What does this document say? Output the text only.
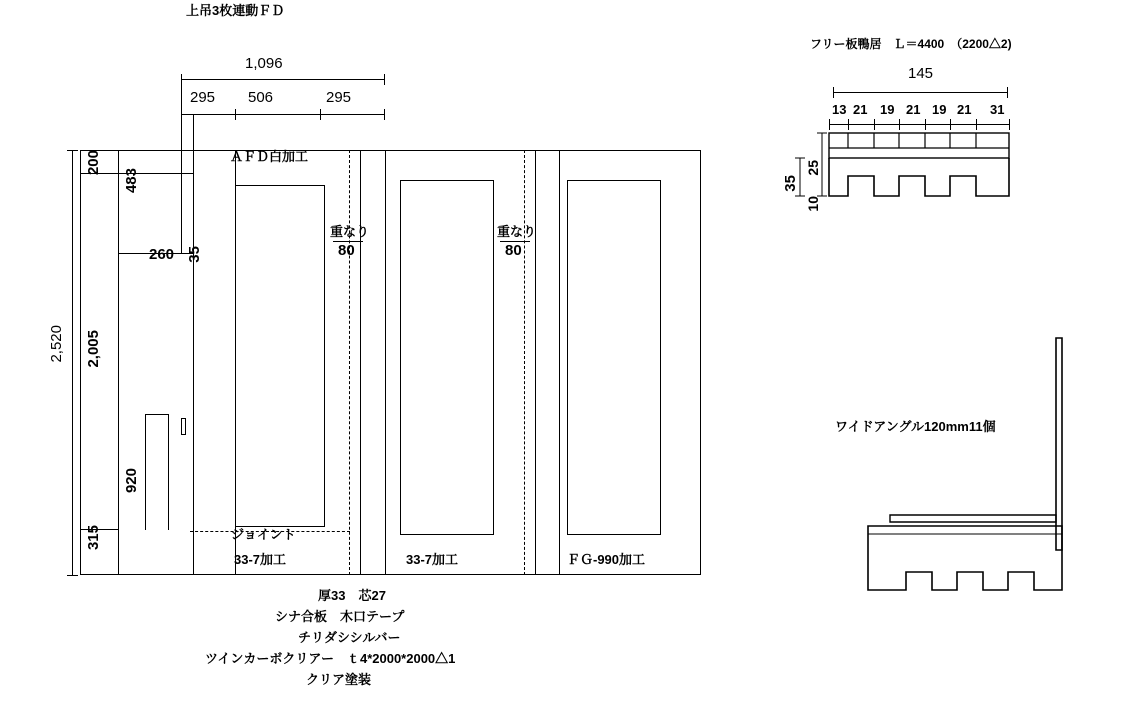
上吊3枚連動ＦＤ
1,096
295 506	295
2,520
200
2,005
315
483
920
260 35
ＡＦＤ白加工
重なり
80
重なり
80
ジョイント
33-7加工	33-7加工	ＦＧ-990加工
厚33　芯27
シナ合板　木口テープ
チリダシシルバー
ツインカーボクリアー　ｔ4*2000*2000△1
クリア塗装
フリー板鴨居　Ｌ＝4400　（2200△2)
145
13 21 19 21 19 21 31
35
10
25
ワイドアングル120mm11個
